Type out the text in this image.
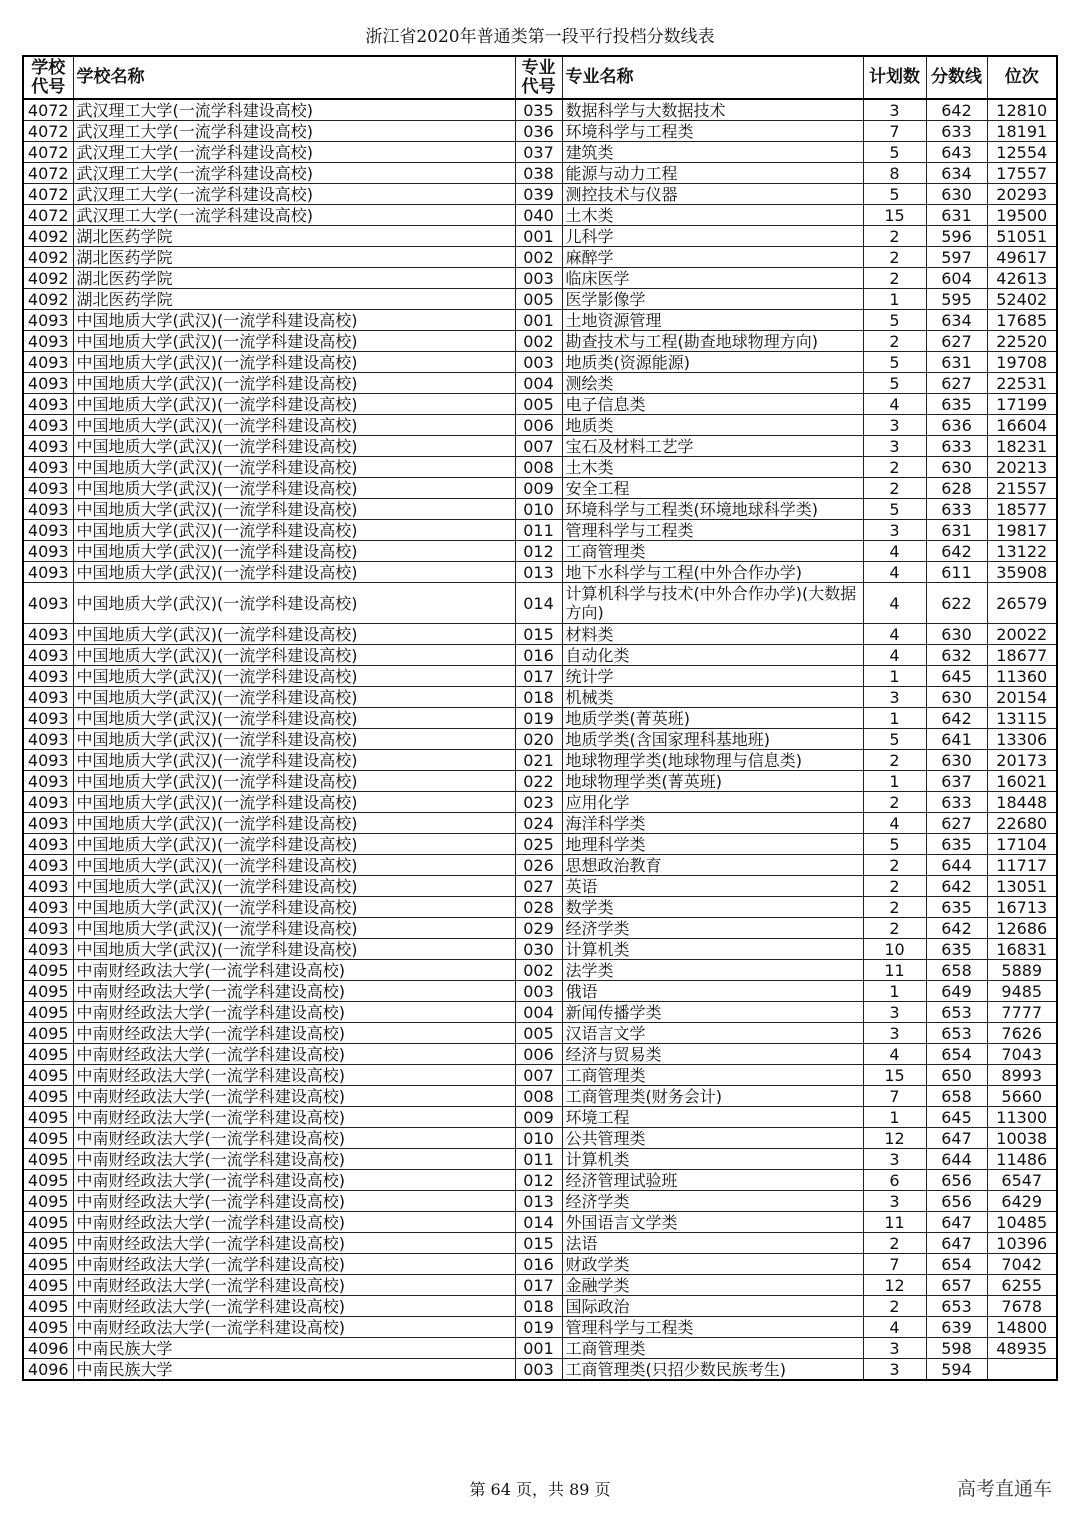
浙江省2020年普通类第一段平行投档分数线表
学校代号	学校名称	专业代号	专业名称	计划数	分数线	位次
4072	武汉理工大学(一流学科建设高校)	035	数据科学与大数据技术	3	642	12810
4072	武汉理工大学(一流学科建设高校)	036	环境科学与工程类	7	633	18191
4072	武汉理工大学(一流学科建设高校)	037	建筑类	5	643	12554
4072	武汉理工大学(一流学科建设高校)	038	能源与动力工程	8	634	17557
4072	武汉理工大学(一流学科建设高校)	039	测控技术与仪器	5	630	20293
4072	武汉理工大学(一流学科建设高校)	040	土木类	15	631	19500
4092	湖北医药学院	001	儿科学	2	596	51051
4092	湖北医药学院	002	麻醉学	2	597	49617
4092	湖北医药学院	003	临床医学	2	604	42613
4092	湖北医药学院	005	医学影像学	1	595	52402
4093	中国地质大学(武汉)(一流学科建设高校)	001	土地资源管理	5	634	17685
4093	中国地质大学(武汉)(一流学科建设高校)	002	勘查技术与工程(勘查地球物理方向)	2	627	22520
4093	中国地质大学(武汉)(一流学科建设高校)	003	地质类(资源能源)	5	631	19708
4093	中国地质大学(武汉)(一流学科建设高校)	004	测绘类	5	627	22531
4093	中国地质大学(武汉)(一流学科建设高校)	005	电子信息类	4	635	17199
4093	中国地质大学(武汉)(一流学科建设高校)	006	地质类	3	636	16604
4093	中国地质大学(武汉)(一流学科建设高校)	007	宝石及材料工艺学	3	633	18231
4093	中国地质大学(武汉)(一流学科建设高校)	008	土木类	2	630	20213
4093	中国地质大学(武汉)(一流学科建设高校)	009	安全工程	2	628	21557
4093	中国地质大学(武汉)(一流学科建设高校)	010	环境科学与工程类(环境地球科学类)	5	633	18577
4093	中国地质大学(武汉)(一流学科建设高校)	011	管理科学与工程类	3	631	19817
4093	中国地质大学(武汉)(一流学科建设高校)	012	工商管理类	4	642	13122
4093	中国地质大学(武汉)(一流学科建设高校)	013	地下水科学与工程(中外合作办学)	4	611	35908
4093	中国地质大学(武汉)(一流学科建设高校)	014	计算机科学与技术(中外合作办学)(大数据方向)	4	622	26579
4093	中国地质大学(武汉)(一流学科建设高校)	015	材料类	4	630	20022
4093	中国地质大学(武汉)(一流学科建设高校)	016	自动化类	4	632	18677
4093	中国地质大学(武汉)(一流学科建设高校)	017	统计学	1	645	11360
4093	中国地质大学(武汉)(一流学科建设高校)	018	机械类	3	630	20154
4093	中国地质大学(武汉)(一流学科建设高校)	019	地质学类(菁英班)	1	642	13115
4093	中国地质大学(武汉)(一流学科建设高校)	020	地质学类(含国家理科基地班)	5	641	13306
4093	中国地质大学(武汉)(一流学科建设高校)	021	地球物理学类(地球物理与信息类)	2	630	20173
4093	中国地质大学(武汉)(一流学科建设高校)	022	地球物理学类(菁英班)	1	637	16021
4093	中国地质大学(武汉)(一流学科建设高校)	023	应用化学	2	633	18448
4093	中国地质大学(武汉)(一流学科建设高校)	024	海洋科学类	4	627	22680
4093	中国地质大学(武汉)(一流学科建设高校)	025	地理科学类	5	635	17104
4093	中国地质大学(武汉)(一流学科建设高校)	026	思想政治教育	2	644	11717
4093	中国地质大学(武汉)(一流学科建设高校)	027	英语	2	642	13051
4093	中国地质大学(武汉)(一流学科建设高校)	028	数学类	2	635	16713
4093	中国地质大学(武汉)(一流学科建设高校)	029	经济学类	2	642	12686
4093	中国地质大学(武汉)(一流学科建设高校)	030	计算机类	10	635	16831
4095	中南财经政法大学(一流学科建设高校)	002	法学类	11	658	5889
4095	中南财经政法大学(一流学科建设高校)	003	俄语	1	649	9485
4095	中南财经政法大学(一流学科建设高校)	004	新闻传播学类	3	653	7777
4095	中南财经政法大学(一流学科建设高校)	005	汉语言文学	3	653	7626
4095	中南财经政法大学(一流学科建设高校)	006	经济与贸易类	4	654	7043
4095	中南财经政法大学(一流学科建设高校)	007	工商管理类	15	650	8993
4095	中南财经政法大学(一流学科建设高校)	008	工商管理类(财务会计)	7	658	5660
4095	中南财经政法大学(一流学科建设高校)	009	环境工程	1	645	11300
4095	中南财经政法大学(一流学科建设高校)	010	公共管理类	12	647	10038
4095	中南财经政法大学(一流学科建设高校)	011	计算机类	3	644	11486
4095	中南财经政法大学(一流学科建设高校)	012	经济管理试验班	6	656	6547
4095	中南财经政法大学(一流学科建设高校)	013	经济学类	3	656	6429
4095	中南财经政法大学(一流学科建设高校)	014	外国语言文学类	11	647	10485
4095	中南财经政法大学(一流学科建设高校)	015	法语	2	647	10396
4095	中南财经政法大学(一流学科建设高校)	016	财政学类	7	654	7042
4095	中南财经政法大学(一流学科建设高校)	017	金融学类	12	657	6255
4095	中南财经政法大学(一流学科建设高校)	018	国际政治	2	653	7678
4095	中南财经政法大学(一流学科建设高校)	019	管理科学与工程类	4	639	14800
4096	中南民族大学	001	工商管理类	3	598	48935
4096	中南民族大学	003	工商管理类(只招少数民族考生)	3	594	
第 64 页，共 89 页	高考直通车
